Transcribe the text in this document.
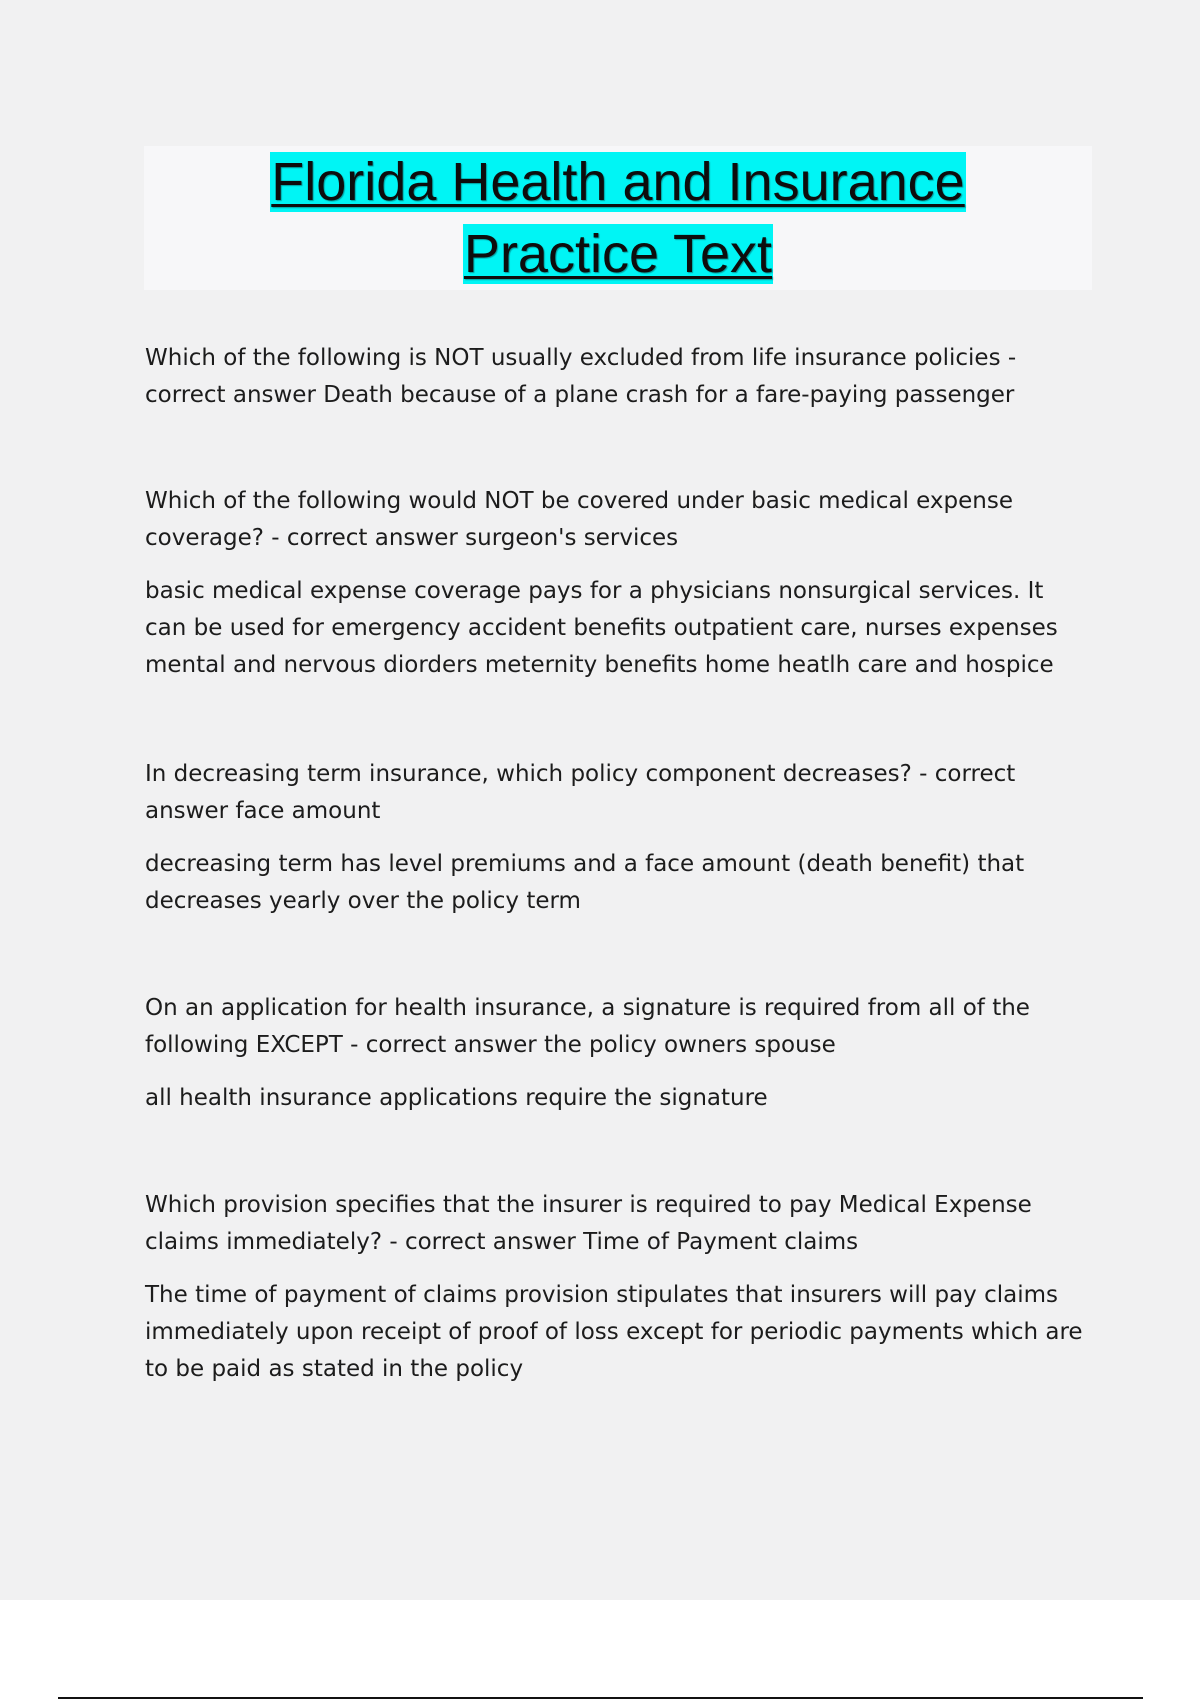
Florida Health and Insurance
Practice Text

Which of the following is NOT usually excluded from life insurance policies - correct answer Death because of a plane crash for a fare-paying passenger

Which of the following would NOT be covered under basic medical expense coverage? - correct answer surgeon's services

basic medical expense coverage pays for a physicians nonsurgical services. It can be used for emergency accident benefits outpatient care, nurses expenses mental and nervous diorders meternity benefits home heatlh care and hospice

In decreasing term insurance, which policy component decreases? - correct answer face amount

decreasing term has level premiums and a face amount (death benefit) that decreases yearly over the policy term

On an application for health insurance, a signature is required from all of the following EXCEPT - correct answer the policy owners spouse

all health insurance applications require the signature

Which provision specifies that the insurer is required to pay Medical Expense claims immediately? - correct answer Time of Payment claims

The time of payment of claims provision stipulates that insurers will pay claims immediately upon receipt of proof of loss except for periodic payments which are to be paid as stated in the policy
